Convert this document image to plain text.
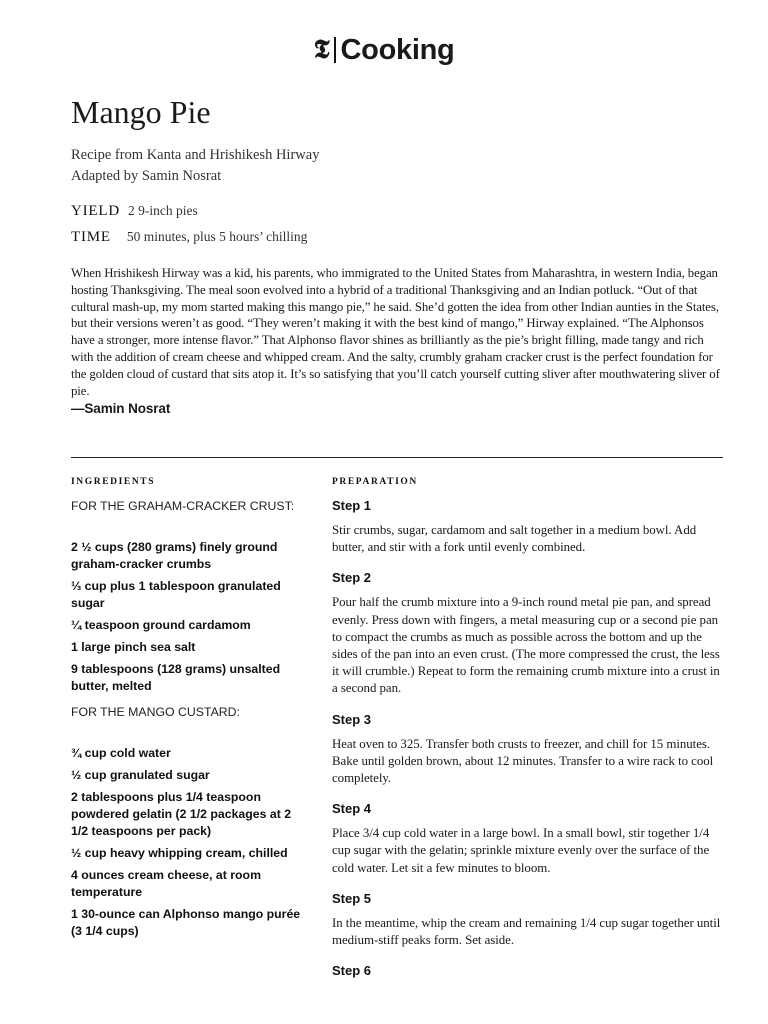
𝕿 Cooking
Mango Pie
Recipe from Kanta and Hrishikesh Hirway
Adapted by Samin Nosrat
YIELD 2 9-inch pies
TIME 50 minutes, plus 5 hours’ chilling

When Hrishikesh Hirway was a kid, his parents, who immigrated to the United States from Maharashtra, in western India, began hosting Thanksgiving. The meal soon evolved into a hybrid of a traditional Thanksgiving and an Indian potluck. “Out of that cultural mash-up, my mom started making this mango pie,” he said. She’d gotten the idea from other Indian aunties in the States, but their versions weren’t as good. “They weren’t making it with the best kind of mango,” Hirway explained. “The Alphonsos have a stronger, more intense flavor.” That Alphonso flavor shines as brilliantly as the pie’s bright filling, made tangy and rich with the addition of cream cheese and whipped cream. And the salty, crumbly graham cracker crust is the perfect foundation for the golden cloud of custard that sits atop it. It’s so satisfying that you’ll catch yourself cutting sliver after mouthwatering sliver of pie.
—Samin Nosrat

INGREDIENTS	PREPARATION
FOR THE GRAHAM-CRACKER CRUST:
2 ½ cups (280 grams) finely ground graham-cracker crumbs
⅓ cup plus 1 tablespoon granulated sugar
¼ teaspoon ground cardamom
1 large pinch sea salt
9 tablespoons (128 grams) unsalted butter, melted
FOR THE MANGO CUSTARD:
¾ cup cold water
½ cup granulated sugar
2 tablespoons plus 1/4 teaspoon powdered gelatin (2 1/2 packages at 2 1/2 teaspoons per pack)
½ cup heavy whipping cream, chilled
4 ounces cream cheese, at room temperature
1 30-ounce can Alphonso mango purée (3 1/4 cups)

Step 1

Stir crumbs, sugar, cardamom and salt together in a medium bowl. Add butter, and stir with a fork until evenly combined.

Step 2

Pour half the crumb mixture into a 9-inch round metal pie pan, and spread evenly. Press down with fingers, a metal measuring cup or a second pie pan to compact the crumbs as much as possible across the bottom and up the sides of the pan into an even crust. (The more compressed the crust, the less it will crumble.) Repeat to form the remaining crumb mixture into a crust in a second pan.

Step 3

Heat oven to 325. Transfer both crusts to freezer, and chill for 15 minutes. Bake until golden brown, about 12 minutes. Transfer to a wire rack to cool completely.

Step 4

Place 3/4 cup cold water in a large bowl. In a small bowl, stir together 1/4 cup sugar with the gelatin; sprinkle mixture evenly over the surface of the cold water. Let sit a few minutes to bloom.

Step 5

In the meantime, whip the cream and remaining 1/4 cup sugar together until medium-stiff peaks form. Set aside.

Step 6
